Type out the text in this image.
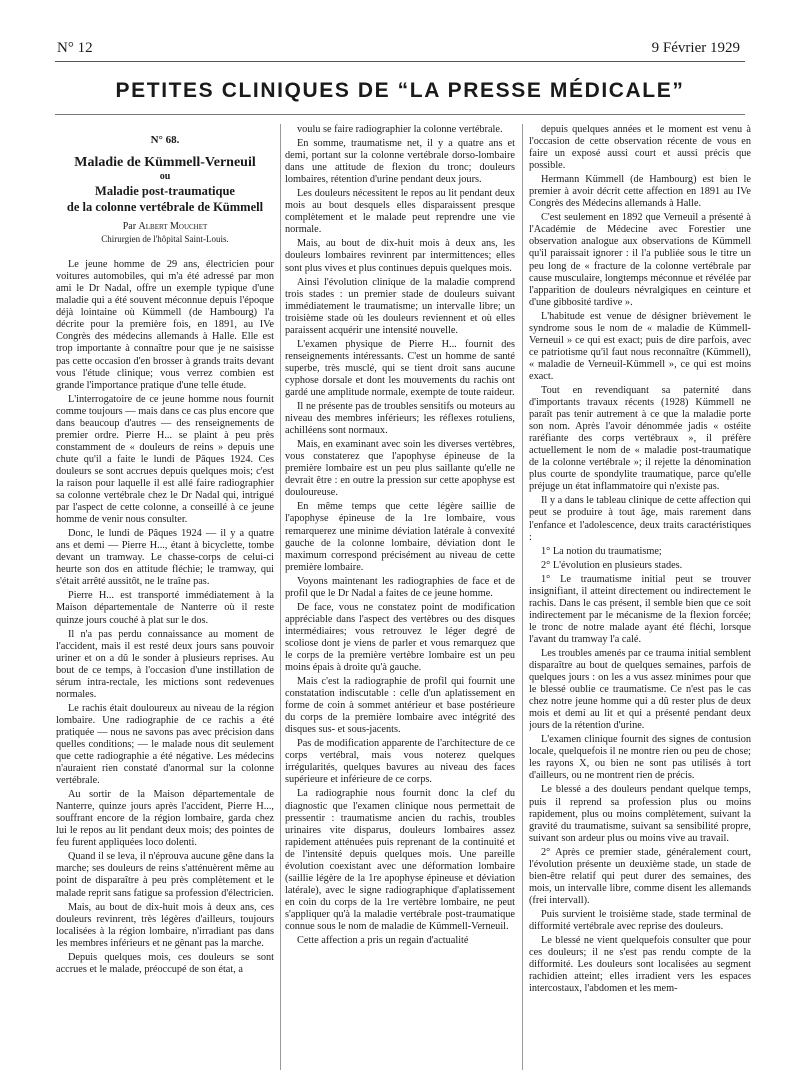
N° 12	9 Février 1929
PETITES CLINIQUES DE “LA PRESSE MÉDICALE”
N° 68.
Maladie de Kümmell-Verneuil
ou
Maladie post-traumatique
de la colonne vertébrale de Kümmell
Par Albert Mouchet
Chirurgien de l'hôpital Saint-Louis.

Le jeune homme de 29 ans, électricien pour voitures automobiles, qui m'a été adressé par mon ami le Dr Nadal, offre un exemple typique d'une maladie qui a été souvent méconnue depuis l'époque déjà lointaine où Kümmell (de Hambourg) l'a décrite pour la première fois, en 1891, au IVe Congrès des médecins allemands à Halle. Elle est trop importante à connaître pour que je ne saisisse pas cette occasion d'en brosser à grands traits devant vous l'étude clinique; vous verrez combien est grande l'importance pratique d'une telle étude.

L'interrogatoire de ce jeune homme nous fournit comme toujours — mais dans ce cas plus encore que dans beaucoup d'autres — des renseignements de premier ordre. Pierre H... se plaint à peu près constamment de « douleurs de reins » depuis une chute qu'il a faite le lundi de Pâques 1924. Ces douleurs se sont accrues depuis quelques mois; c'est la raison pour laquelle il est allé faire radiographier sa colonne vertébrale chez le Dr Nadal qui, intrigué par l'aspect de cette colonne, a conseillé à ce jeune homme de venir nous consulter.

Donc, le lundi de Pâques 1924 — il y a quatre ans et demi — Pierre H..., étant à bicyclette, tombe devant un tramway. Le chasse-corps de celui-ci heurte son dos en attitude fléchie; le tramway, qui s'était arrêté aussitôt, ne le traîne pas.

Pierre H... est transporté immédiatement à la Maison départementale de Nanterre où il reste quinze jours couché à plat sur le dos.

Il n'a pas perdu connaissance au moment de l'accident, mais il est resté deux jours sans pouvoir uriner et on a dû le sonder à plusieurs reprises. Au bout de ce temps, à l'occasion d'une instillation de sérum intra-rectale, les mictions sont redevenues normales.

Le rachis était douloureux au niveau de la région lombaire. Une radiographie de ce rachis a été pratiquée — nous ne savons pas avec précision dans quelles conditions; — le malade nous dit seulement que cette radiographie a été négative. Les médecins n'auraient rien constaté d'anormal sur la colonne vertébrale.

Au sortir de la Maison départementale de Nanterre, quinze jours après l'accident, Pierre H..., souffrant encore de la région lombaire, garda chez lui le repos au lit pendant deux mois; des pointes de feu furent appliquées loco dolenti.

Quand il se leva, il n'éprouva aucune gêne dans la marche; ses douleurs de reins s'atténuèrent même au point de disparaître à peu près complètement et le malade reprit sans fatigue sa profession d'électricien.

Mais, au bout de dix-huit mois à deux ans, ces douleurs revinrent, très légères d'ailleurs, toujours localisées à la région lombaire, n'irradiant pas dans les membres inférieurs et ne gênant pas la marche.

Depuis quelques mois, ces douleurs se sont accrues et le malade, préoccupé de son état, a

voulu se faire radiographier la colonne vertébrale.

En somme, traumatisme net, il y a quatre ans et demi, portant sur la colonne vertébrale dorso-lombaire dans une attitude de flexion du tronc; douleurs lombaires, rétention d'urine pendant deux jours.

Les douleurs nécessitent le repos au lit pendant deux mois au bout desquels elles disparaissent presque complètement et le malade peut reprendre une vie normale.

Mais, au bout de dix-huit mois à deux ans, les douleurs lombaires revinrent par intermittences; elles sont plus vives et plus continues depuis quelques mois.

Ainsi l'évolution clinique de la maladie comprend trois stades : un premier stade de douleurs suivant immédiatement le traumatisme; un intervalle libre; un troisième stade où les douleurs reviennent et où elles paraissent acquérir une intensité nouvelle.

L'examen physique de Pierre H... fournit des renseignements intéressants. C'est un homme de santé superbe, très musclé, qui se tient droit sans aucune cyphose dorsale et dont les mouvements du rachis ont gardé une amplitude normale, exempte de toute raideur.

Il ne présente pas de troubles sensitifs ou moteurs au niveau des membres inférieurs; les réflexes rotuliens, achilléens sont normaux.

Mais, en examinant avec soin les diverses vertèbres, vous constaterez que l'apophyse épineuse de la première lombaire est un peu plus saillante qu'elle ne devrait être : en outre la pression sur cette apophyse est douloureuse.

En même temps que cette légère saillie de l'apophyse épineuse de la 1re lombaire, vous remarquerez une minime déviation latérale à convexité gauche de la colonne lombaire, déviation dont le maximum correspond précisément au niveau de cette première lombaire.

Voyons maintenant les radiographies de face et de profil que le Dr Nadal a faites de ce jeune homme.

De face, vous ne constatez point de modification appréciable dans l'aspect des vertèbres ou des disques intermédiaires; vous retrouvez le léger degré de scoliose dont je viens de parler et vous remarquez que le corps de la première vertèbre lombaire est un peu moins épais à droite qu'à gauche.

Mais c'est la radiographie de profil qui fournit une constatation indiscutable : celle d'un aplatissement en forme de coin à sommet antérieur et base postérieure du corps de la première lombaire avec intégrité des disques sus- et sous-jacents.

Pas de modification apparente de l'architecture de ce corps vertébral, mais vous noterez quelques irrégularités, quelques bavures au niveau des faces supérieure et inférieure de ce corps.

La radiographie nous fournit donc la clef du diagnostic que l'examen clinique nous permettait de pressentir : traumatisme ancien du rachis, troubles urinaires vite disparus, douleurs lombaires assez rapidement atténuées puis reprenant de la continuité et de l'intensité depuis quelques mois. Une pareille évolution coexistant avec une déformation lombaire (saillie légère de la 1re apophyse épineuse et déviation latérale), avec le signe radiographique d'aplatissement en coin du corps de la 1re vertèbre lombaire, ne peut s'appliquer qu'à la maladie vertébrale post-traumatique connue sous le nom de maladie de Kümmell-Verneuil.

Cette affection a pris un regain d'actualité

depuis quelques années et le moment est venu à l'occasion de cette observation récente de vous en faire un exposé aussi court et aussi précis que possible.

Hermann Kümmell (de Hambourg) est bien le premier à avoir décrit cette affection en 1891 au IVe Congrès des Médecins allemands à Halle.

C'est seulement en 1892 que Verneuil a présenté à l'Académie de Médecine avec Forestier une observation analogue aux observations de Kümmell qu'il paraissait ignorer : il l'a publiée sous le titre un peu long de « fracture de la colonne vertébrale par cause musculaire, longtemps méconnue et révélée par l'apparition de douleurs névralgiques en ceinture et d'une gibbosité tardive ».

L'habitude est venue de désigner brièvement le syndrome sous le nom de « maladie de Kümmell-Verneuil » ce qui est exact; puis de dire parfois, avec ce patriotisme qu'il faut nous reconnaître (Kümmell), « maladie de Verneuil-Kümmell », ce qui est moins exact.

Tout en revendiquant sa paternité dans d'importants travaux récents (1928) Kümmell ne paraît pas tenir autrement à ce que la maladie porte son nom. Après l'avoir dénommée jadis « ostéite raréfiante des corps vertébraux », il préfère actuellement le nom de « maladie post-traumatique de la colonne vertébrale »; il rejette la dénomination plus courte de spondylite traumatique, parce qu'elle préjuge un état inflammatoire qui n'existe pas.

Il y a dans le tableau clinique de cette affection qui peut se produire à tout âge, mais rarement dans l'enfance et l'adolescence, deux traits caractéristiques :

1° La notion du traumatisme;

2° L'évolution en plusieurs stades.

1° Le traumatisme initial peut se trouver insignifiant, il atteint directement ou indirectement le rachis. Dans le cas présent, il semble bien que ce soit indirectement par le mécanisme de la flexion forcée; le tronc de notre malade ayant été fléchi, lorsque l'avant du tramway l'a calé.

Les troubles amenés par ce trauma initial semblent disparaître au bout de quelques semaines, parfois de quelques jours : on les a vus assez minimes pour que le blessé oublie ce traumatisme. Ce n'est pas le cas chez notre jeune homme qui a dû rester plus de deux mois et demi au lit et qui a présenté pendant deux jours de la rétention d'urine.

L'examen clinique fournit des signes de contusion locale, quelquefois il ne montre rien ou peu de chose; les rayons X, ou bien ne sont pas utilisés à tort d'ailleurs, ou ne montrent rien de précis.

Le blessé a des douleurs pendant quelque temps, puis il reprend sa profession plus ou moins rapidement, plus ou moins complètement, suivant la gravité du traumatisme, suivant sa sensibilité propre, suivant son ardeur plus ou moins vive au travail.

2° Après ce premier stade, généralement court, l'évolution présente un deuxième stade, un stade de bien-être relatif qui peut durer des semaines, des mois, un intervalle libre, comme disent les allemands (frei intervall).

Puis survient le troisième stade, stade terminal de difformité vertébrale avec reprise des douleurs.

Le blessé ne vient quelquefois consulter que pour ces douleurs; il ne s'est pas rendu compte de la difformité. Les douleurs sont localisées au segment rachidien atteint; elles irradient vers les espaces intercostaux, l'abdomen et les mem-
